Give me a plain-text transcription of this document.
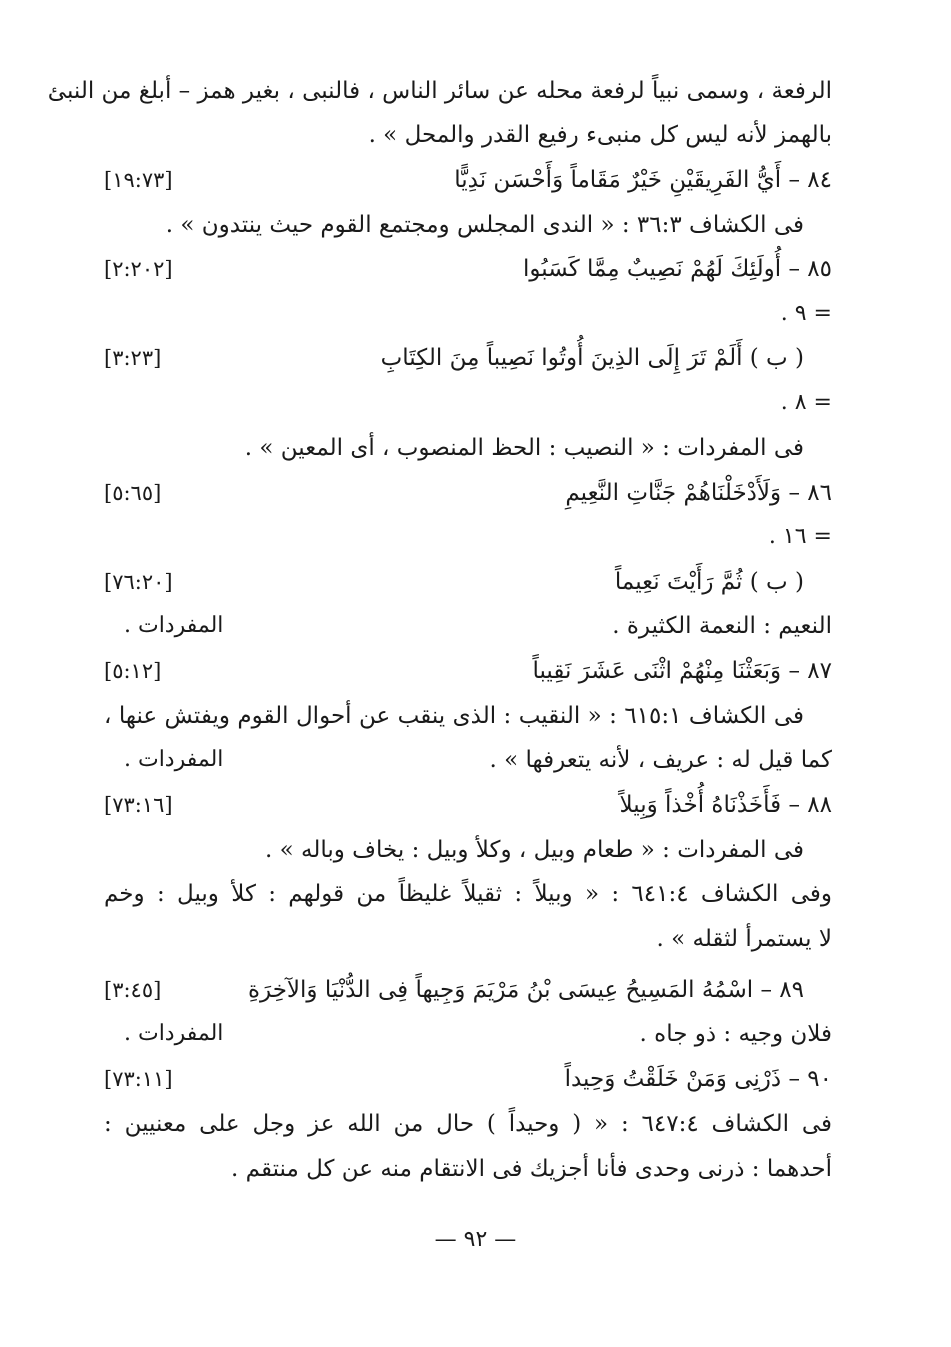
الرفعة ، وسمى نبياً لرفعة محله عن سائر الناس ، فالنبى ، بغير همز – أبلغ من النبئ
بالهمز لأنه ليس كل منبىء رفيع القدر والمحل » .
٨٤ – أَيُّ الفَرِيقَيْنِ خَيْرٌ مَقَاماً وَأَحْسَن نَدِيًّا
[١٩:٧٣]
فى الكشاف ٣٦:٣ : « الندى المجلس ومجتمع القوم حيث ينتدون » .
٨٥ – أُولَئِكَ لَهُمْ نَصِيبٌ مِمَّا كَسَبُوا
[٢:٢٠٢]
= ٩ .
( ب ) أَلَمْ تَرَ إِلَى الذِينَ أُوتُوا نَصِيباً مِنَ الكِتَابِ
[٣:٢٣]
= ٨ .
فى المفردات : « النصيب : الحظ المنصوب ، أى المعين » .
٨٦ – وَلَأَدْخَلْنَاهُمْ جَنَّاتِ النَّعِيمِ
[٥:٦٥]
= ١٦ .
( ب ) ثُمَّ رَأَيْتَ نَعِيماً
[٧٦:٢٠]
النعيم : النعمة الكثيرة .
المفردات .
٨٧ – وَبَعَثْنَا مِنْهُمْ اثْنَى عَشَرَ نَقِيباً
[٥:١٢]
فى الكشاف ٦١٥:١ : « النقيب : الذى ينقب عن أحوال القوم ويفتش عنها ،
كما قيل له : عريف ، لأنه يتعرفها » .
المفردات .
٨٨ – فَأَخَذْنَاهُ أُخْذاً وَبِيلاً
[٧٣:١٦]
فى المفردات : « طعام وبيل ، وكلأ وبيل : يخاف وباله » .
وفى الكشاف ٦٤١:٤ : « وبيلاً : ثقيلاً غليظاً من قولهم : كلأ وبيل : وخم
لا يستمرأ لثقله » .
٨٩ – اسْمُهُ المَسِيحُ عِيسَى بْنُ مَرْيَمَ وَجِيهاً فِى الدُّنْيَا وَالآخِرَةِ
[٣:٤٥]
فلان وجيه : ذو جاه .
المفردات .
٩٠ – ذَرْنِى وَمَنْ خَلَقْتُ وَحِيداً
[٧٣:١١]
فى الكشاف ٦٤٧:٤ : « ( وحيداً ) حال من الله عز وجل على معنيين :
أحدهما : ذرنى وحدى فأنا أجزيك فى الانتقام منه عن كل منتقم .
— ٩٢ —
